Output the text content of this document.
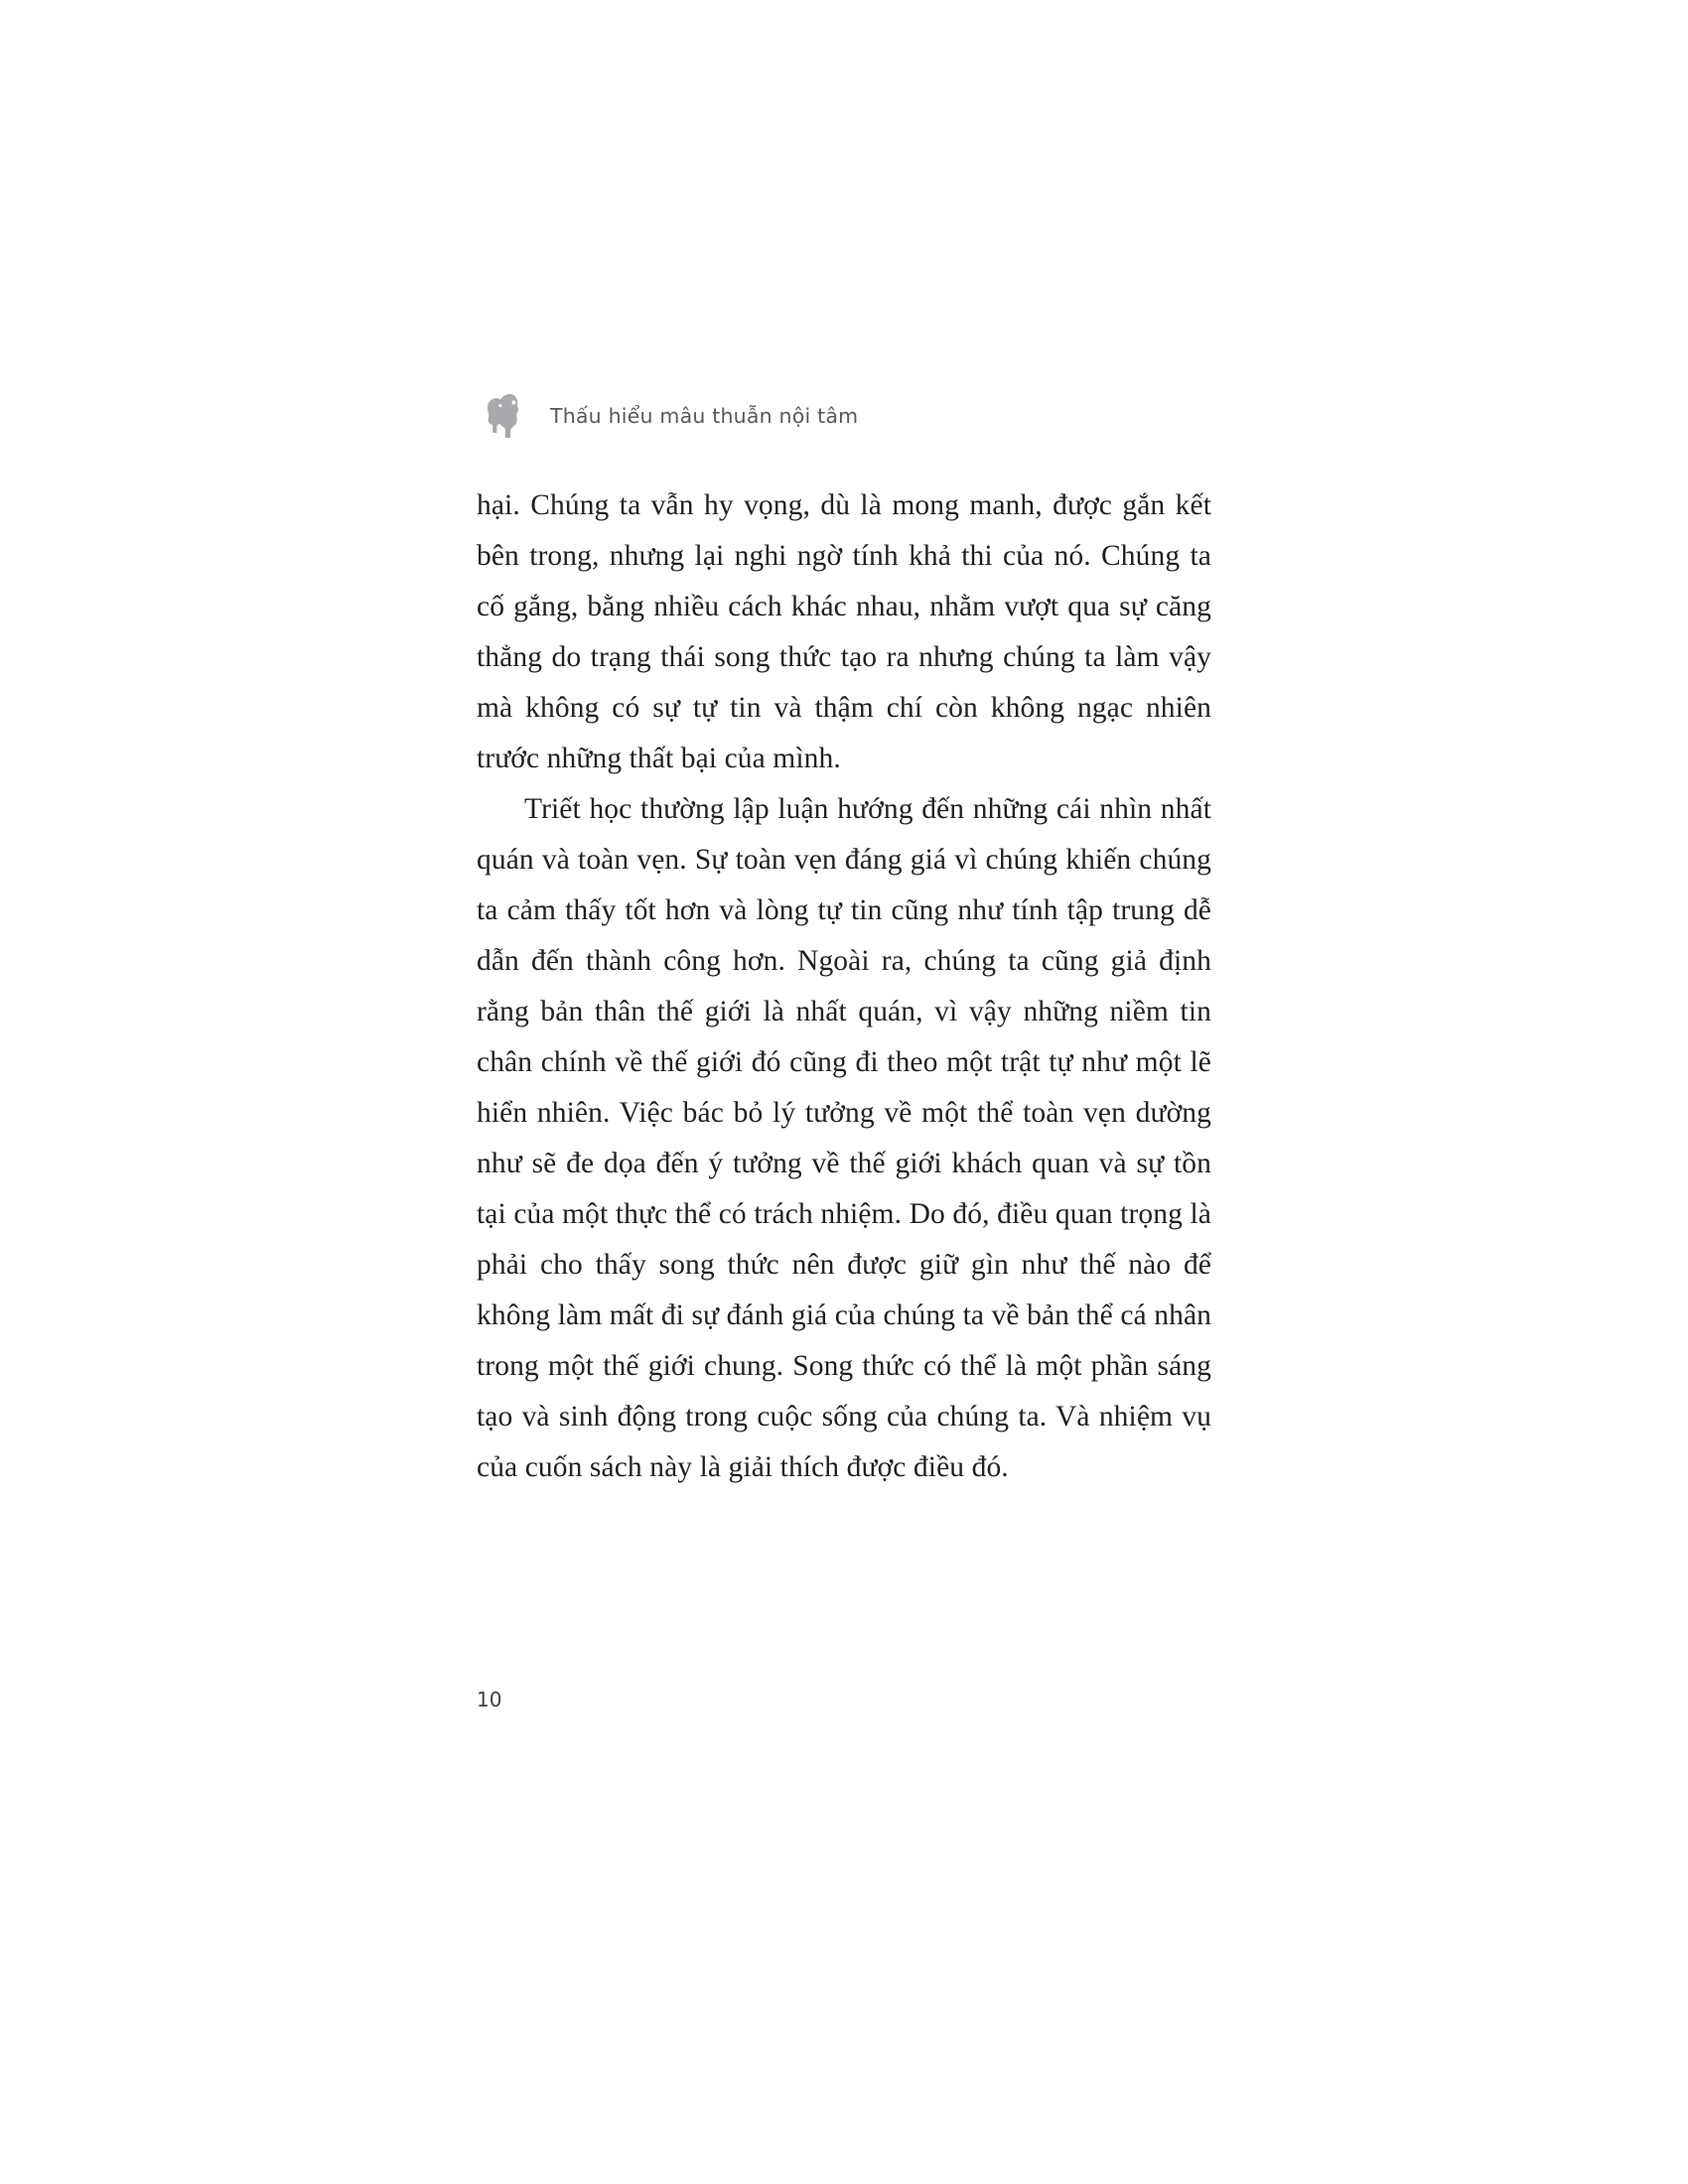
Thấu hiểu mâu thuẫn nội tâm

hại. Chúng ta vẫn hy vọng, dù là mong manh, được gắn kết bên trong, nhưng lại nghi ngờ tính khả thi của nó. Chúng ta cố gắng, bằng nhiều cách khác nhau, nhằm vượt qua sự căng thẳng do trạng thái song thức tạo ra nhưng chúng ta làm vậy mà không có sự tự tin và thậm chí còn không ngạc nhiên trước những thất bại của mình.

Triết học thường lập luận hướng đến những cái nhìn nhất quán và toàn vẹn. Sự toàn vẹn đáng giá vì chúng khiến chúng ta cảm thấy tốt hơn và lòng tự tin cũng như tính tập trung dễ dẫn đến thành công hơn. Ngoài ra, chúng ta cũng giả định rằng bản thân thế giới là nhất quán, vì vậy những niềm tin chân chính về thế giới đó cũng đi theo một trật tự như một lẽ hiển nhiên. Việc bác bỏ lý tưởng về một thể toàn vẹn dường như sẽ đe dọa đến ý tưởng về thế giới khách quan và sự tồn tại của một thực thể có trách nhiệm. Do đó, điều quan trọng là phải cho thấy song thức nên được giữ gìn như thế nào để không làm mất đi sự đánh giá của chúng ta về bản thể cá nhân trong một thế giới chung. Song thức có thể là một phần sáng tạo và sinh động trong cuộc sống của chúng ta. Và nhiệm vụ của cuốn sách này là giải thích được điều đó.

10
